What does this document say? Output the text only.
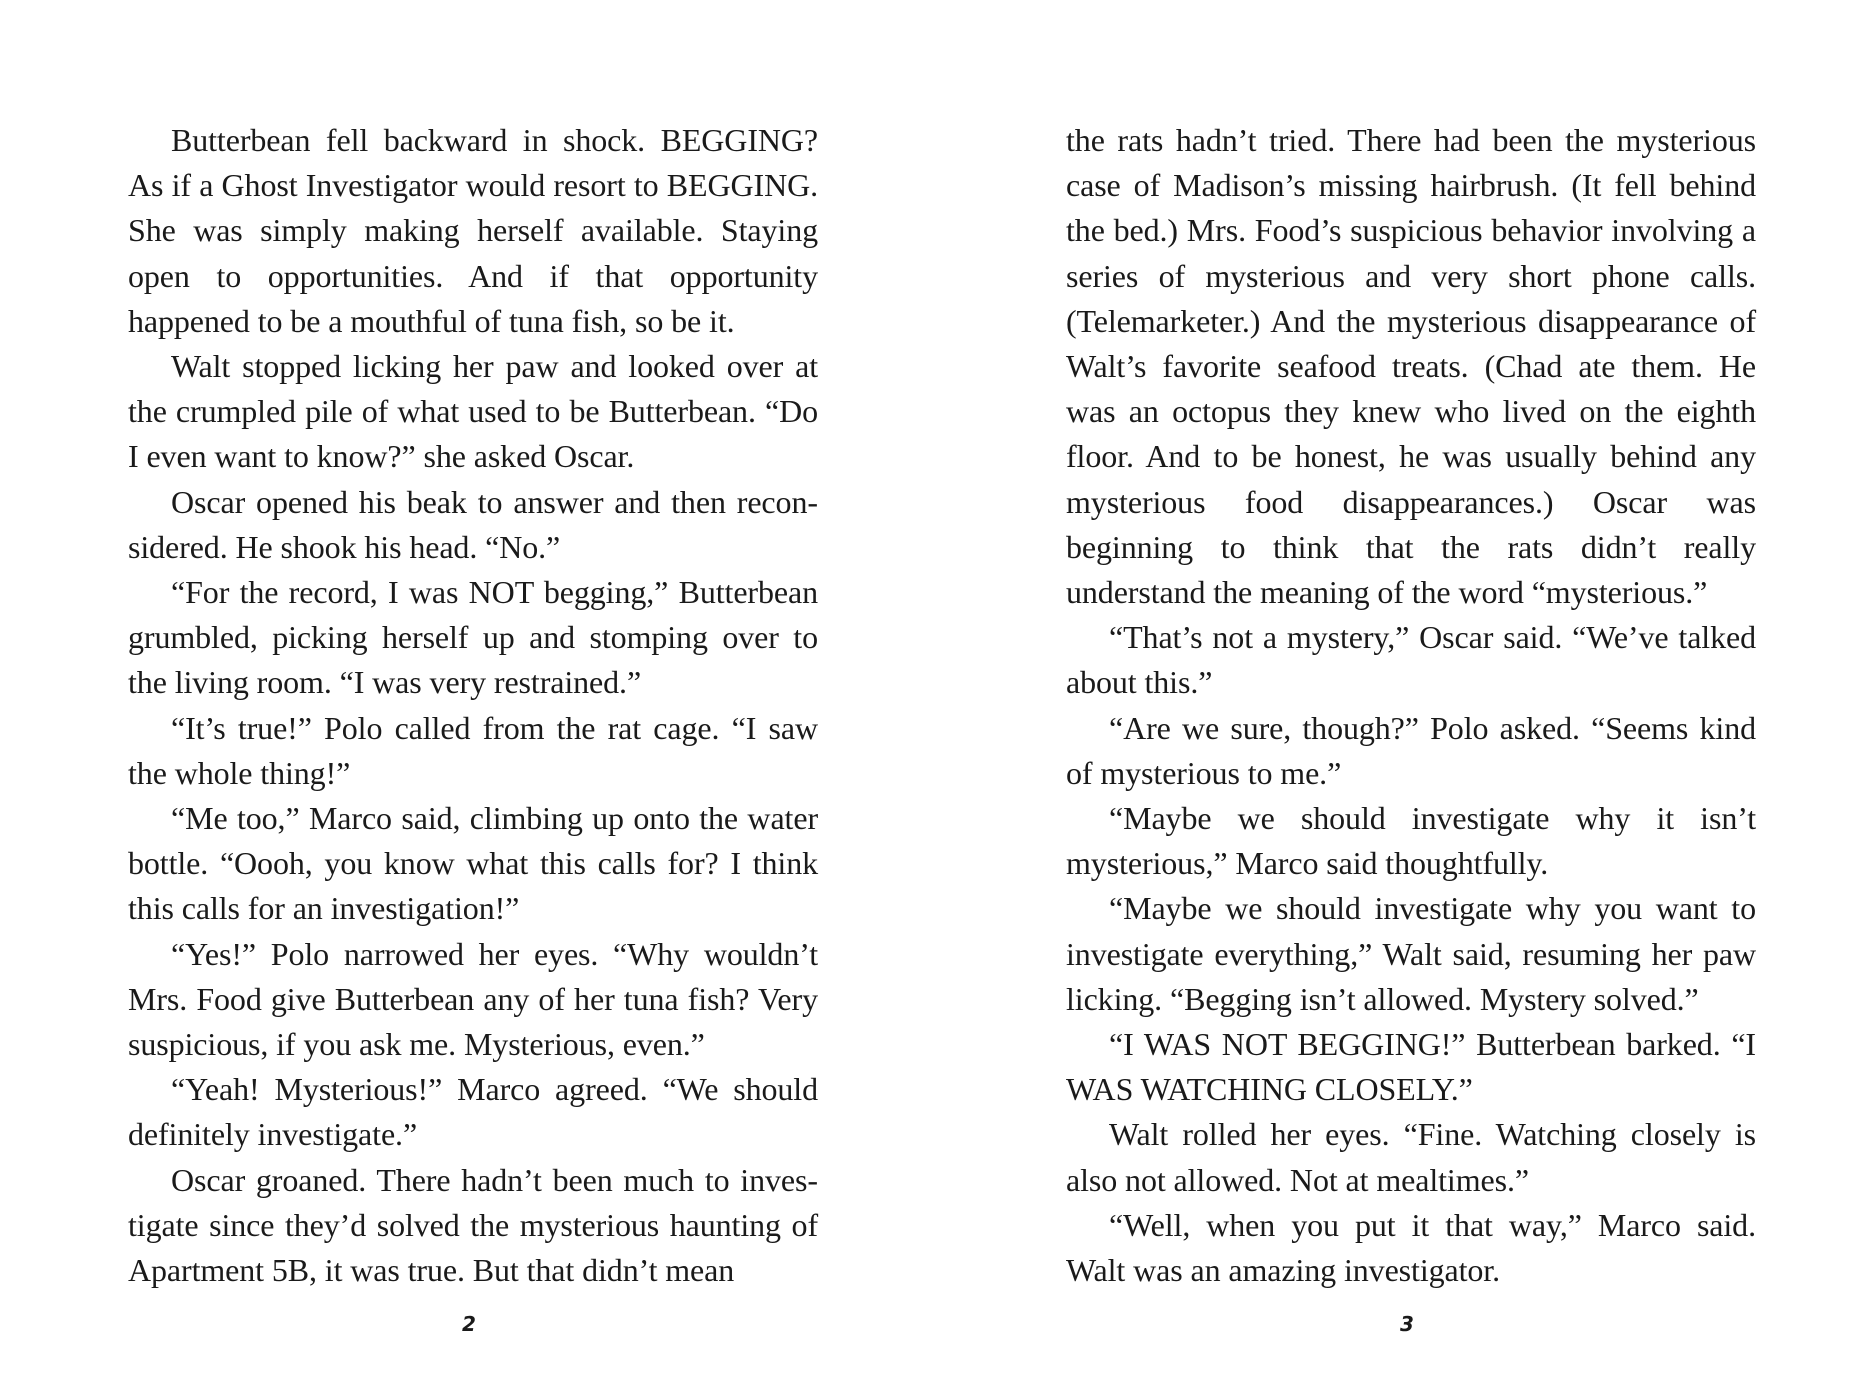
Butterbean fell backward in shock. BEGGING? As if a Ghost Investigator would resort to BEGGING. She was simply making herself available. Staying open to opportunities. And if that opportunity happened to be a mouthful of tuna fish, so be it.

Walt stopped licking her paw and looked over at the crumpled pile of what used to be Butterbean. “Do I even want to know?” she asked Oscar.

Oscar opened his beak to answer and then reconsidered. He shook his head. “No.”

“For the record, I was NOT begging,” Butterbean grumbled, picking herself up and stomping over to the living room. “I was very restrained.”

“It’s true!” Polo called from the rat cage. “I saw the whole thing!”

“Me too,” Marco said, climbing up onto the water bottle. “Oooh, you know what this calls for? I think this calls for an investigation!”

“Yes!” Polo narrowed her eyes. “Why wouldn’t Mrs. Food give Butterbean any of her tuna fish? Very suspicious, if you ask me. Mysterious, even.”

“Yeah! Mysterious!” Marco agreed. “We should definitely investigate.”

Oscar groaned. There hadn’t been much to investigate since they’d solved the mysterious haunting of Apartment 5B, it was true. But that didn’t mean

2

the rats hadn’t tried. There had been the mysterious case of Madison’s missing hairbrush. (It fell behind the bed.) Mrs. Food’s suspicious behavior involving a series of mysterious and very short phone calls. (Telemarketer.) And the mysterious disappearance of Walt’s favorite seafood treats. (Chad ate them. He was an octopus they knew who lived on the eighth floor. And to be honest, he was usually behind any mysterious food disappearances.) Oscar was beginning to think that the rats didn’t really understand the meaning of the word “mysterious.”

“That’s not a mystery,” Oscar said. “We’ve talked about this.”

“Are we sure, though?” Polo asked. “Seems kind of mysterious to me.”

“Maybe we should investigate why it isn’t mysterious,” Marco said thoughtfully.

“Maybe we should investigate why you want to investigate everything,” Walt said, resuming her paw licking. “Begging isn’t allowed. Mystery solved.”

“I WAS NOT BEGGING!” Butterbean barked. “I WAS WATCHING CLOSELY.”

Walt rolled her eyes. “Fine. Watching closely is also not allowed. Not at mealtimes.”

“Well, when you put it that way,” Marco said. Walt was an amazing investigator.

3
